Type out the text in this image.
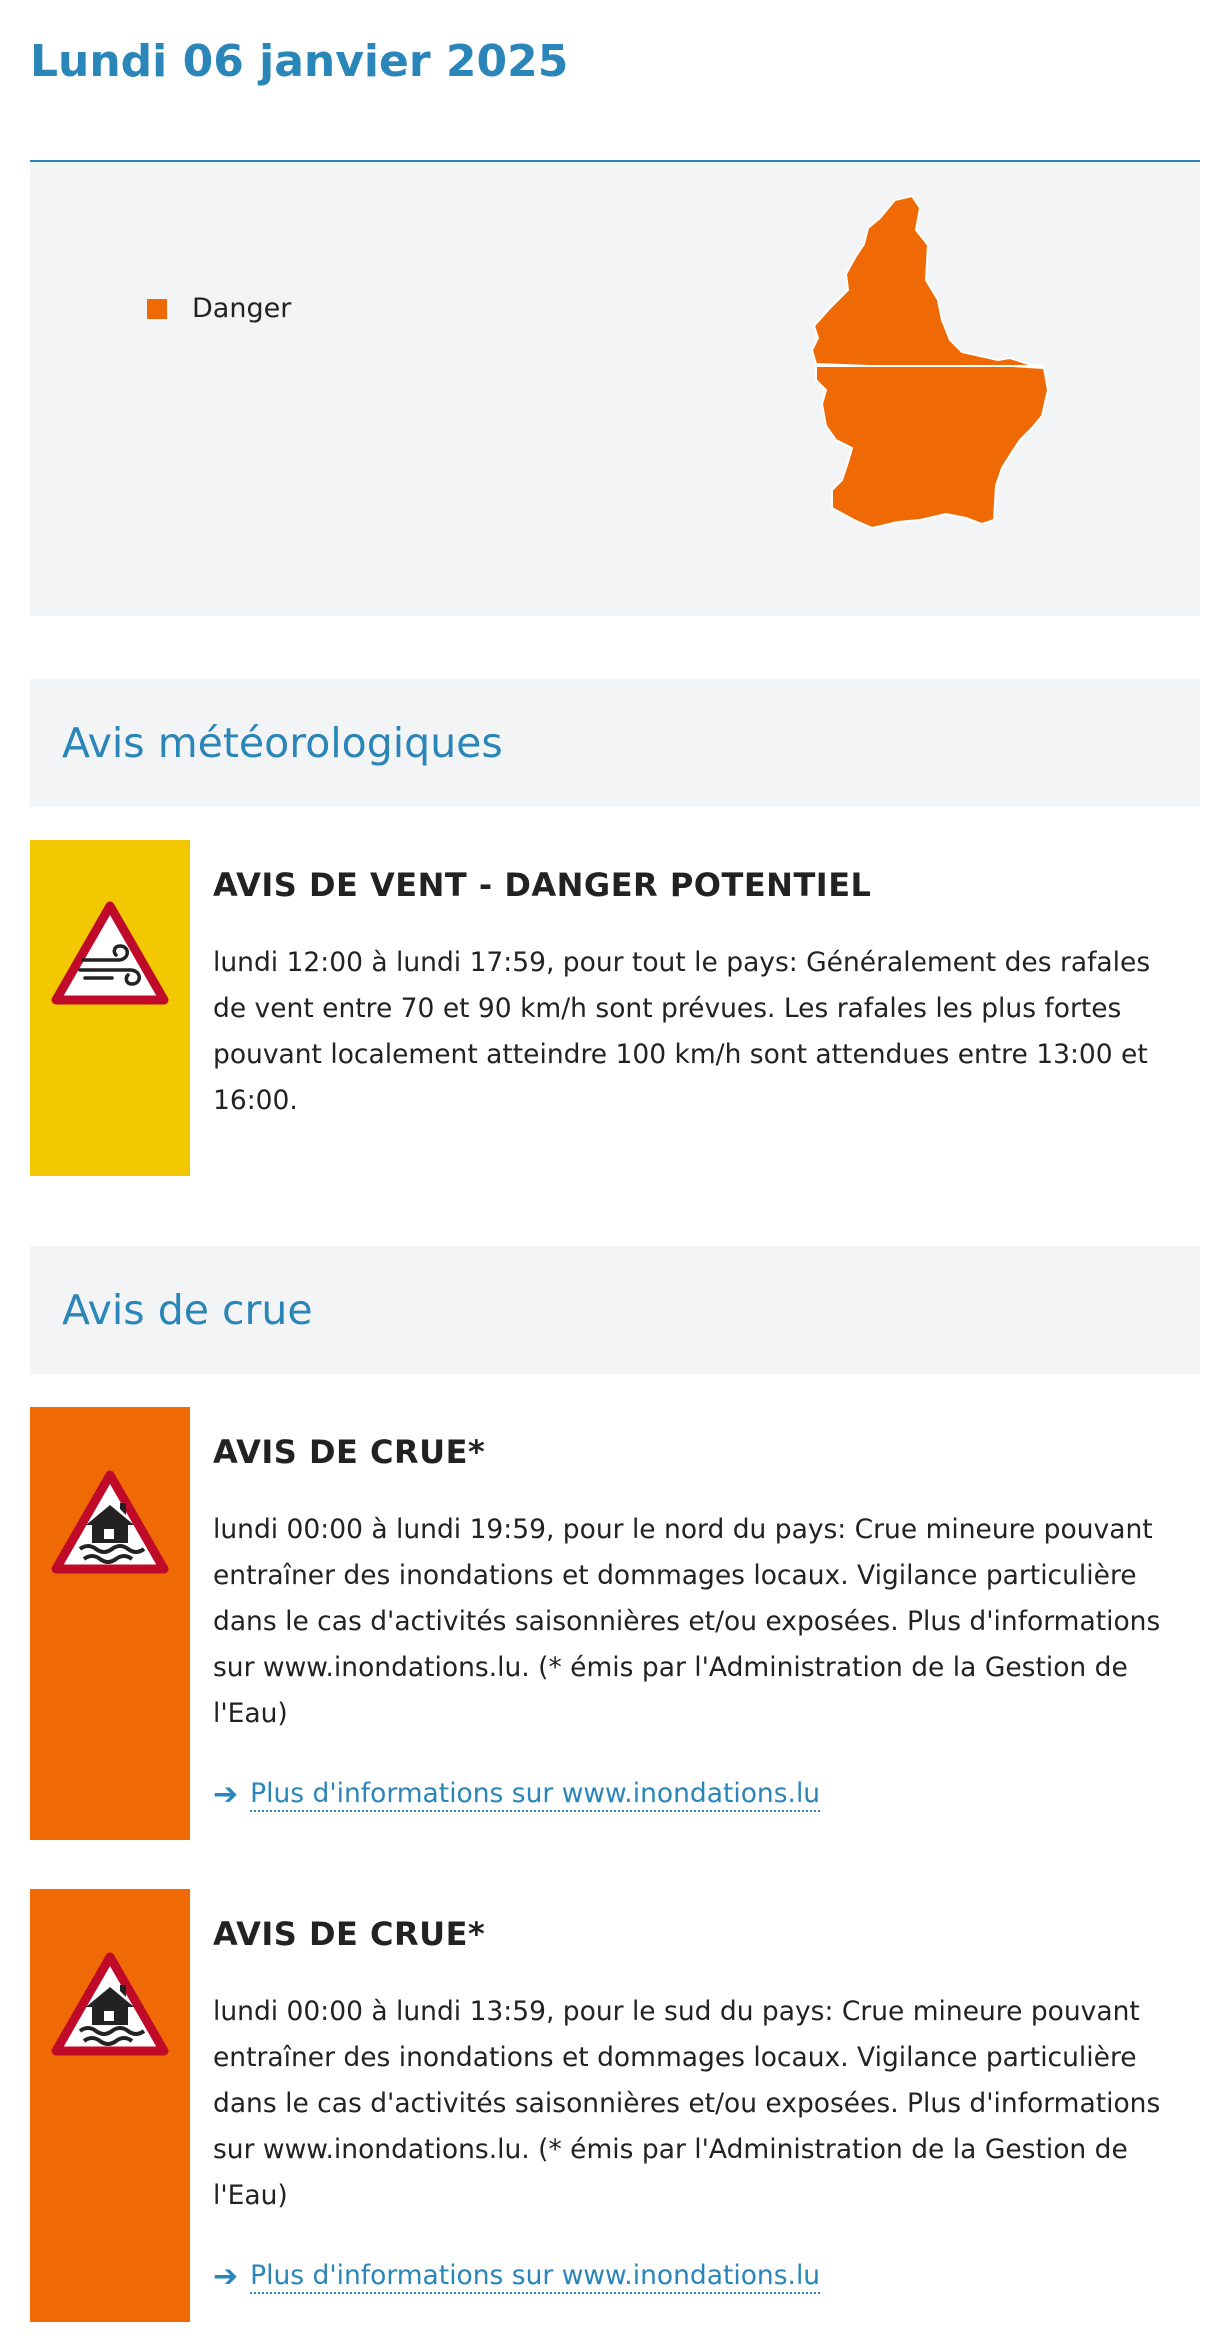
Lundi 06 janvier 2025
Danger
Avis météorologiques
AVIS DE VENT - DANGER POTENTIEL

lundi 12:00 à lundi 17:59, pour tout le pays: Généralement des rafales de vent entre 70 et 90 km/h sont prévues. Les rafales les plus fortes pouvant localement atteindre 100 km/h sont attendues entre 13:00 et 16:00.

Avis de crue
AVIS DE CRUE*

lundi 00:00 à lundi 19:59, pour le nord du pays: Crue mineure pouvant entraîner des inondations et dommages locaux. Vigilance particulière dans le cas d'activités saisonnières et/ou exposées. Plus d'informations sur www.inondations.lu. (* émis par l'Administration de la Gestion de l'Eau)

➔ Plus d'informations sur www.inondations.lu
AVIS DE CRUE*

lundi 00:00 à lundi 13:59, pour le sud du pays: Crue mineure pouvant entraîner des inondations et dommages locaux. Vigilance particulière dans le cas d'activités saisonnières et/ou exposées. Plus d'informations sur www.inondations.lu. (* émis par l'Administration de la Gestion de l'Eau)

➔ Plus d'informations sur www.inondations.lu
